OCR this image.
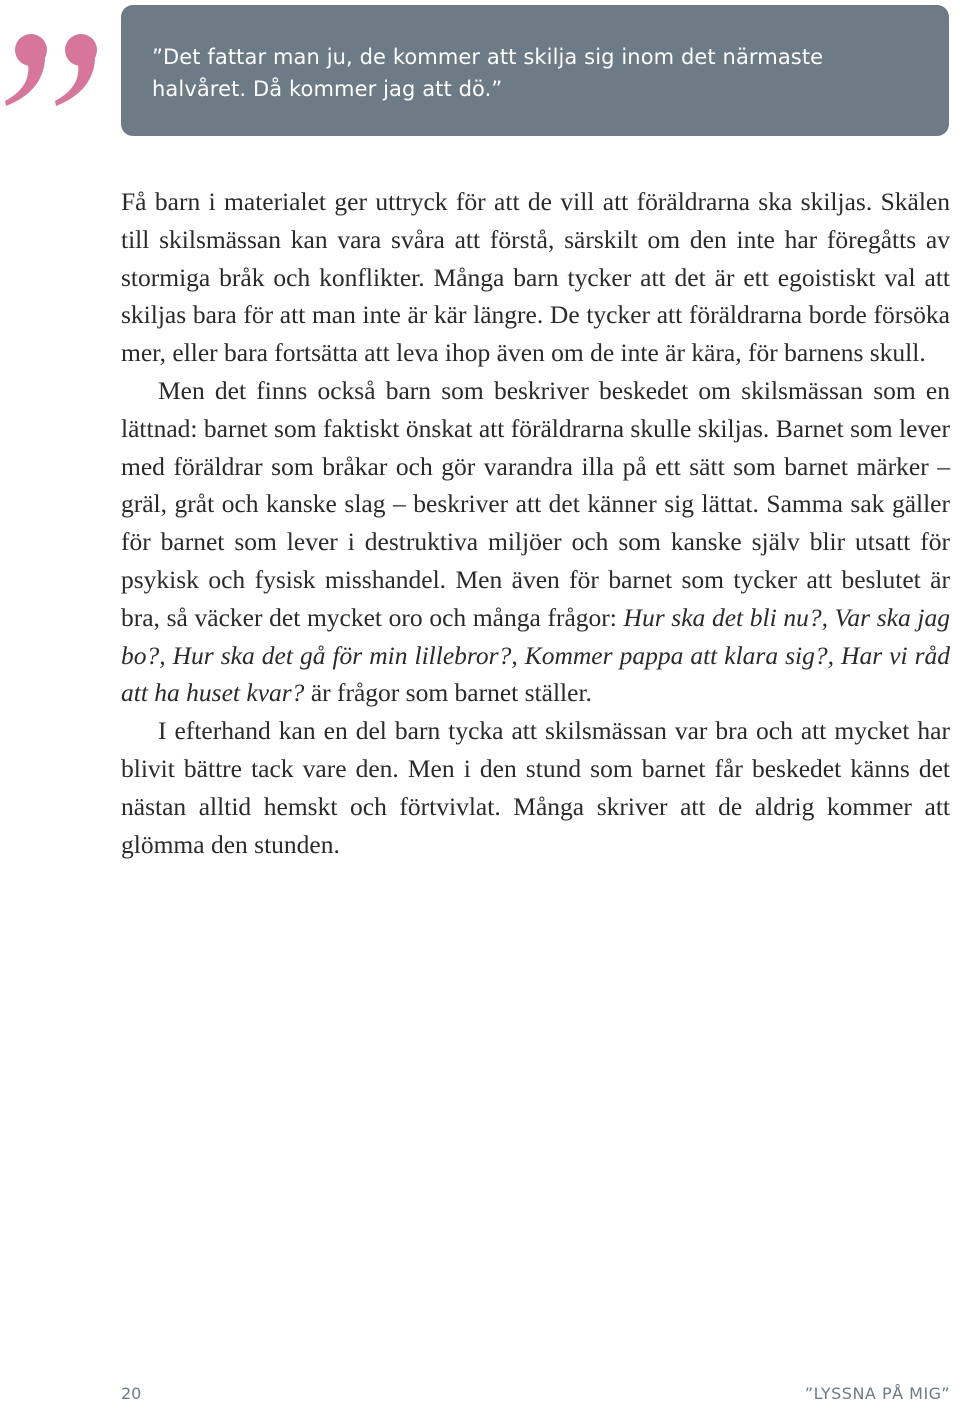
”Det fattar man ju, de kommer att skilja sig inom det närmaste halvåret. Då kommer jag att dö.”

Få barn i materialet ger uttryck för att de vill att föräldrarna ska skiljas. Skälen till skilsmässan kan vara svåra att förstå, särskilt om den inte har föregåtts av stormiga bråk och konflikter. Många barn tycker att det är ett egoistiskt val att skiljas bara för att man inte är kär längre. De tycker att föräldrarna borde försöka mer, eller bara fortsätta att leva ihop även om de inte är kära, för barnens skull.

Men det finns också barn som beskriver beskedet om skilsmässan som en lättnad: barnet som faktiskt önskat att föräldrarna skulle skiljas. Barnet som lever med föräldrar som bråkar och gör varandra illa på ett sätt som barnet märker – gräl, gråt och kanske slag – beskriver att det känner sig lättat. Samma sak gäller för barnet som lever i destruktiva miljöer och som kanske själv blir utsatt för psykisk och fysisk misshandel. Men även för barnet som tycker att beslutet är bra, så väcker det mycket oro och många frågor: Hur ska det bli nu?, Var ska jag bo?, Hur ska det gå för min lillebror?, Kommer pappa att klara sig?, Har vi råd att ha huset kvar? är frågor som barnet ställer.

I efterhand kan en del barn tycka att skilsmässan var bra och att mycket har blivit bättre tack vare den. Men i den stund som barnet får beskedet känns det nästan alltid hemskt och förtvivlat. Många skriver att de aldrig kommer att glömma den stunden.

20	”LYSSNA PÅ MIG”
